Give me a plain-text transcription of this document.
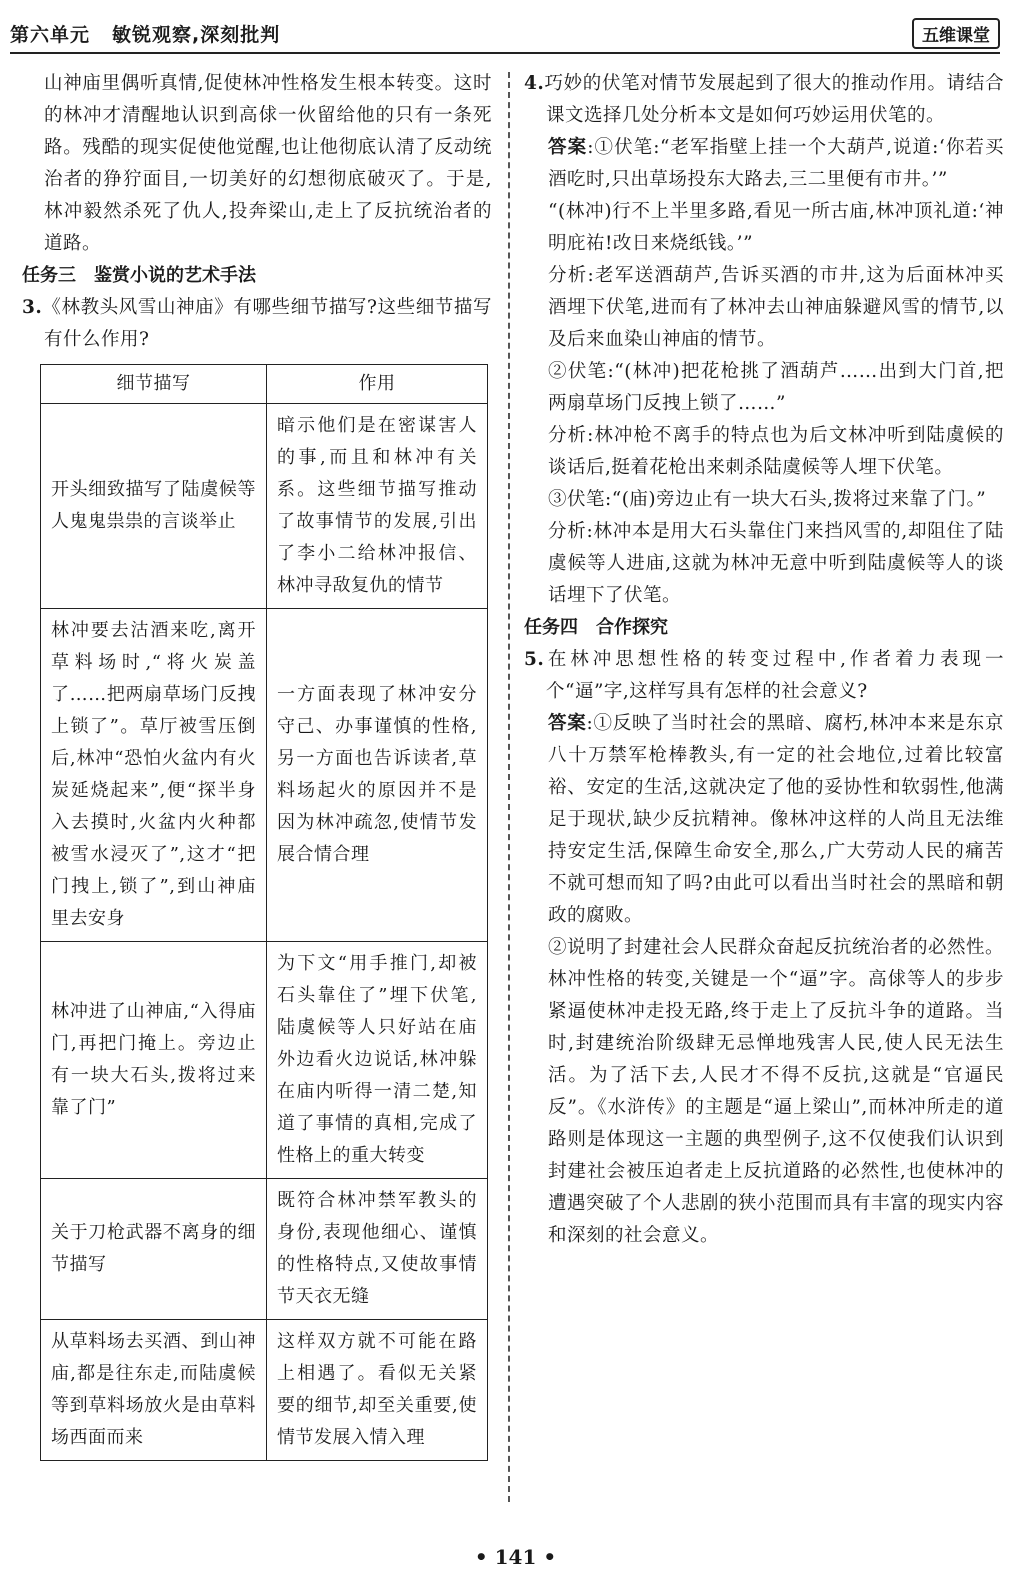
第六单元 敏锐观察,深刻批判	五维课堂

山神庙里偶听真情,促使林冲性格发生根本转变。这时的林冲才清醒地认识到高俅一伙留给他的只有一条死路。残酷的现实促使他觉醒,也让他彻底认清了反动统治者的狰狞面目,一切美好的幻想彻底破灭了。于是,林冲毅然杀死了仇人,投奔梁山,走上了反抗统治者的道路。

任务三 鉴赏小说的艺术手法

3.《林教头风雪山神庙》有哪些细节描写?这些细节描写有什么作用?

细节描写	作用
开头细致描写了陆虞候等人鬼鬼祟祟的言谈举止	暗示他们是在密谋害人的事,而且和林冲有关系。这些细节描写推动了故事情节的发展,引出了李小二给林冲报信、林冲寻敌复仇的情节
林冲要去沽酒来吃,离开草料场时,“将火炭盖了……把两扇草场门反拽上锁了”。草厅被雪压倒后,林冲“恐怕火盆内有火炭延烧起来”,便“探半身入去摸时,火盆内火种都被雪水浸灭了”,这才“把门拽上,锁了”,到山神庙里去安身	一方面表现了林冲安分守己、办事谨慎的性格,另一方面也告诉读者,草料场起火的原因并不是因为林冲疏忽,使情节发展合情合理
林冲进了山神庙,“入得庙门,再把门掩上。旁边止有一块大石头,拨将过来靠了门”	为下文“用手推门,却被石头靠住了”埋下伏笔,陆虞候等人只好站在庙外边看火边说话,林冲躲在庙内听得一清二楚,知道了事情的真相,完成了性格上的重大转变
关于刀枪武器不离身的细节描写	既符合林冲禁军教头的身份,表现他细心、谨慎的性格特点,又使故事情节天衣无缝
从草料场去买酒、到山神庙,都是往东走,而陆虞候等到草料场放火是由草料场西面而来	这样双方就不可能在路上相遇了。看似无关紧要的细节,却至关重要,使情节发展入情入理

4.巧妙的伏笔对情节发展起到了很大的推动作用。请结合课文选择几处分析本文是如何巧妙运用伏笔的。

答案:①伏笔:“老军指壁上挂一个大葫芦,说道:‘你若买酒吃时,只出草场投东大路去,三二里便有市井。’”

“(林冲)行不上半里多路,看见一所古庙,林冲顶礼道:‘神明庇祐!改日来烧纸钱。’”

分析:老军送酒葫芦,告诉买酒的市井,这为后面林冲买酒埋下伏笔,进而有了林冲去山神庙躲避风雪的情节,以及后来血染山神庙的情节。

②伏笔:“(林冲)把花枪挑了酒葫芦……出到大门首,把两扇草场门反拽上锁了……”

分析:林冲枪不离手的特点也为后文林冲听到陆虞候的谈话后,挺着花枪出来刺杀陆虞候等人埋下伏笔。

③伏笔:“(庙)旁边止有一块大石头,拨将过来靠了门。”

分析:林冲本是用大石头靠住门来挡风雪的,却阻住了陆虞候等人进庙,这就为林冲无意中听到陆虞候等人的谈话埋下了伏笔。

任务四 合作探究

5.在林冲思想性格的转变过程中,作者着力表现一个“逼”字,这样写具有怎样的社会意义?

答案:①反映了当时社会的黑暗、腐朽,林冲本来是东京八十万禁军枪棒教头,有一定的社会地位,过着比较富裕、安定的生活,这就决定了他的妥协性和软弱性,他满足于现状,缺少反抗精神。像林冲这样的人尚且无法维持安定生活,保障生命安全,那么,广大劳动人民的痛苦不就可想而知了吗?由此可以看出当时社会的黑暗和朝政的腐败。

②说明了封建社会人民群众奋起反抗统治者的必然性。林冲性格的转变,关键是一个“逼”字。高俅等人的步步紧逼使林冲走投无路,终于走上了反抗斗争的道路。当时,封建统治阶级肆无忌惮地残害人民,使人民无法生活。为了活下去,人民才不得不反抗,这就是“官逼民反”。《水浒传》的主题是“逼上梁山”,而林冲所走的道路则是体现这一主题的典型例子,这不仅使我们认识到封建社会被压迫者走上反抗道路的必然性,也使林冲的遭遇突破了个人悲剧的狭小范围而具有丰富的现实内容和深刻的社会意义。

• 141 •
